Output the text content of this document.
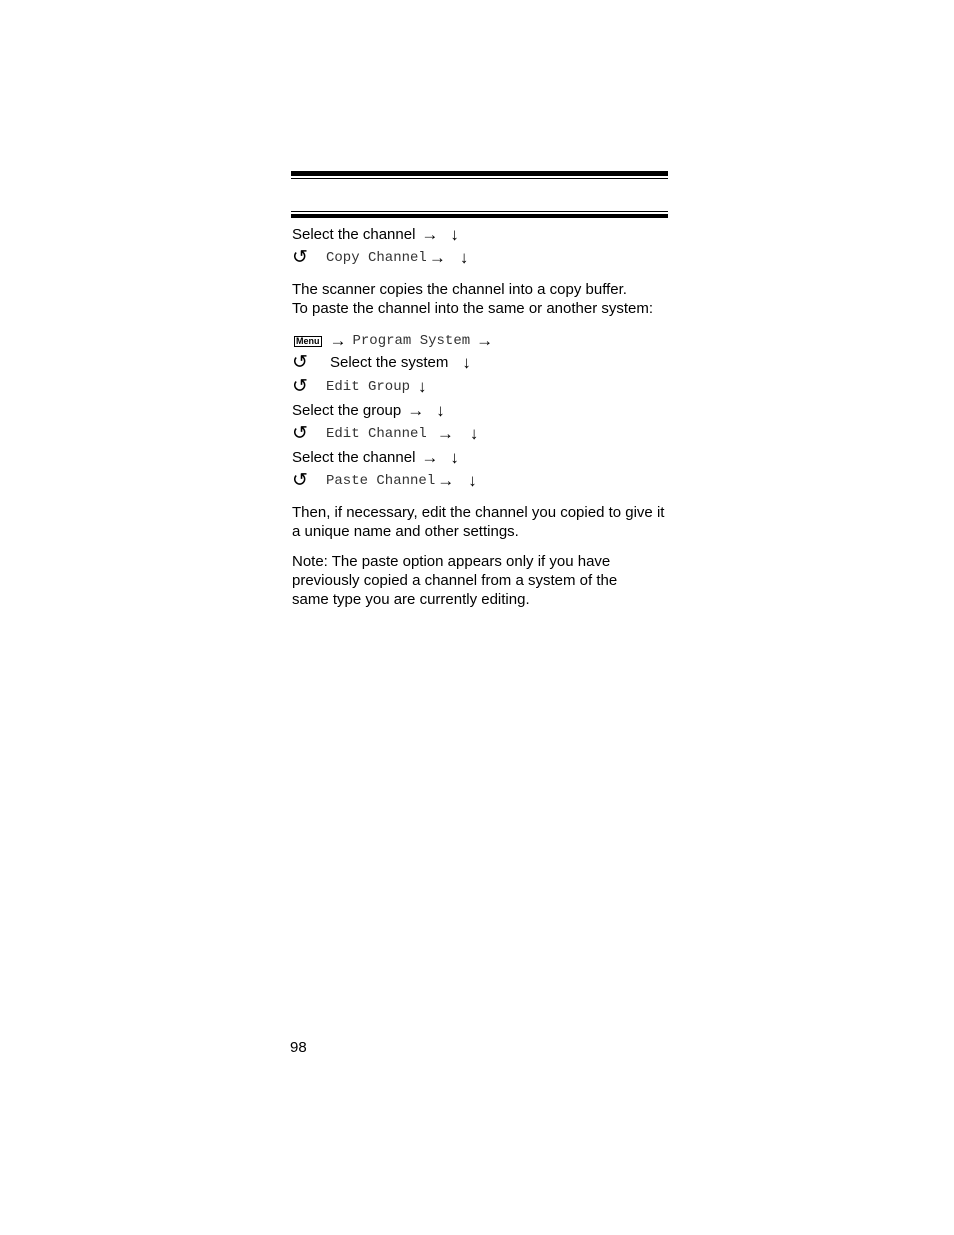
Select the channel → ↓
↺	Copy Channel → ↓

The scanner copies the channel into a copy buffer.

To paste the channel into the same or another system:

Menu → Program System →
↺	Select the system ↓
↺	Edit Group ↓
Select the group → ↓
↺	Edit Channel → ↓
Select the channel → ↓
↺	Paste Channel → ↓

Then, if necessary, edit the channel you copied to give it a unique name and other settings.

Note: The paste option appears only if you have previously copied a channel from a system of the same type you are currently editing.

98
